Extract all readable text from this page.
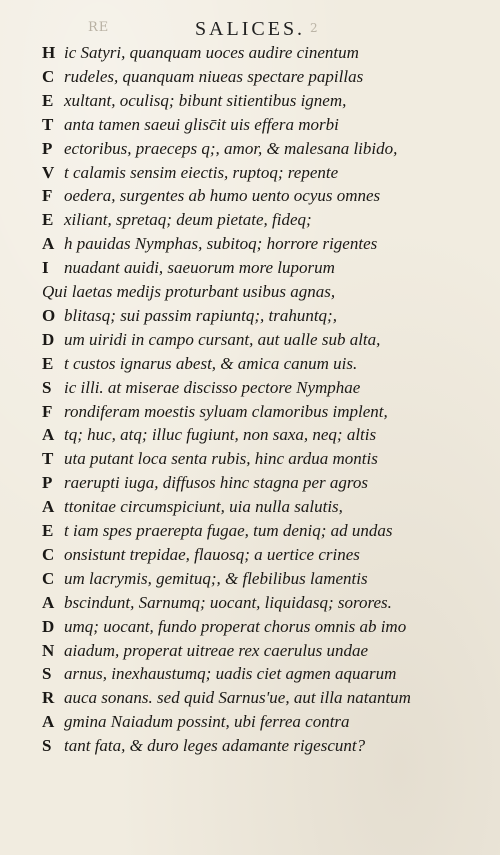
RE	SALICES. 2
H ic Satyri, quanquam uoces audire cinentum
C rudeles, quanquam niueas spectare papillas
E xultant, oculisq; bibunt sitientibus ignem,
T anta tamen saeui glisc̄it uis effera morbi
P ectoribus, praeceps q;, amor, & malesana libido,
V t calamis sensim eiectis, ruptoq; repente
F oedera, surgentes ab humo uento ocyus omnes
E xiliant, spretaq; deum pietate, fideq;
A h pauidas Nymphas, subitoq; horrore rigentes
I nuadant auidi, saeuorum more luporum
Qui laetas medijs proturbant usibus agnas,
O blitasq; sui passim rapiuntq;, trahuntq;,
D um uiridi in campo cursant, aut ualle sub alta,
E t custos ignarus abest, & amica canum uis.
S ic illi. at miserae discisso pectore Nymphae
F rondiferam moestis syluam clamoribus implent,
A tq; huc, atq; illuc fugiunt, non saxa, neq; altis
T uta putant loca senta rubis, hinc ardua montis
P raerupti iuga, diffusos hinc stagna per agros
A ttonitae circumspiciunt, uia nulla salutis,
E t iam spes praerepta fugae, tum deniq; ad undas
C onsistunt trepidae, flauosq; a uertice crines
C um lacrymis, gemituq;, & flebilibus lamentis
A bscindunt, Sarnumq; uocant, liquidasq; sorores.
D umq; uocant, fundo properat chorus omnis ab imo
N aiadum, properat uitreae rex caerulus undae
S arnus, inexhaustumq; uadis ciet agmen aquarum
R auca sonans. sed quid Sarnus'ue, aut illa natantum
A gmina Naiadum possint, ubi ferrea contra
S tant fata, & duro leges adamante rigescunt?
